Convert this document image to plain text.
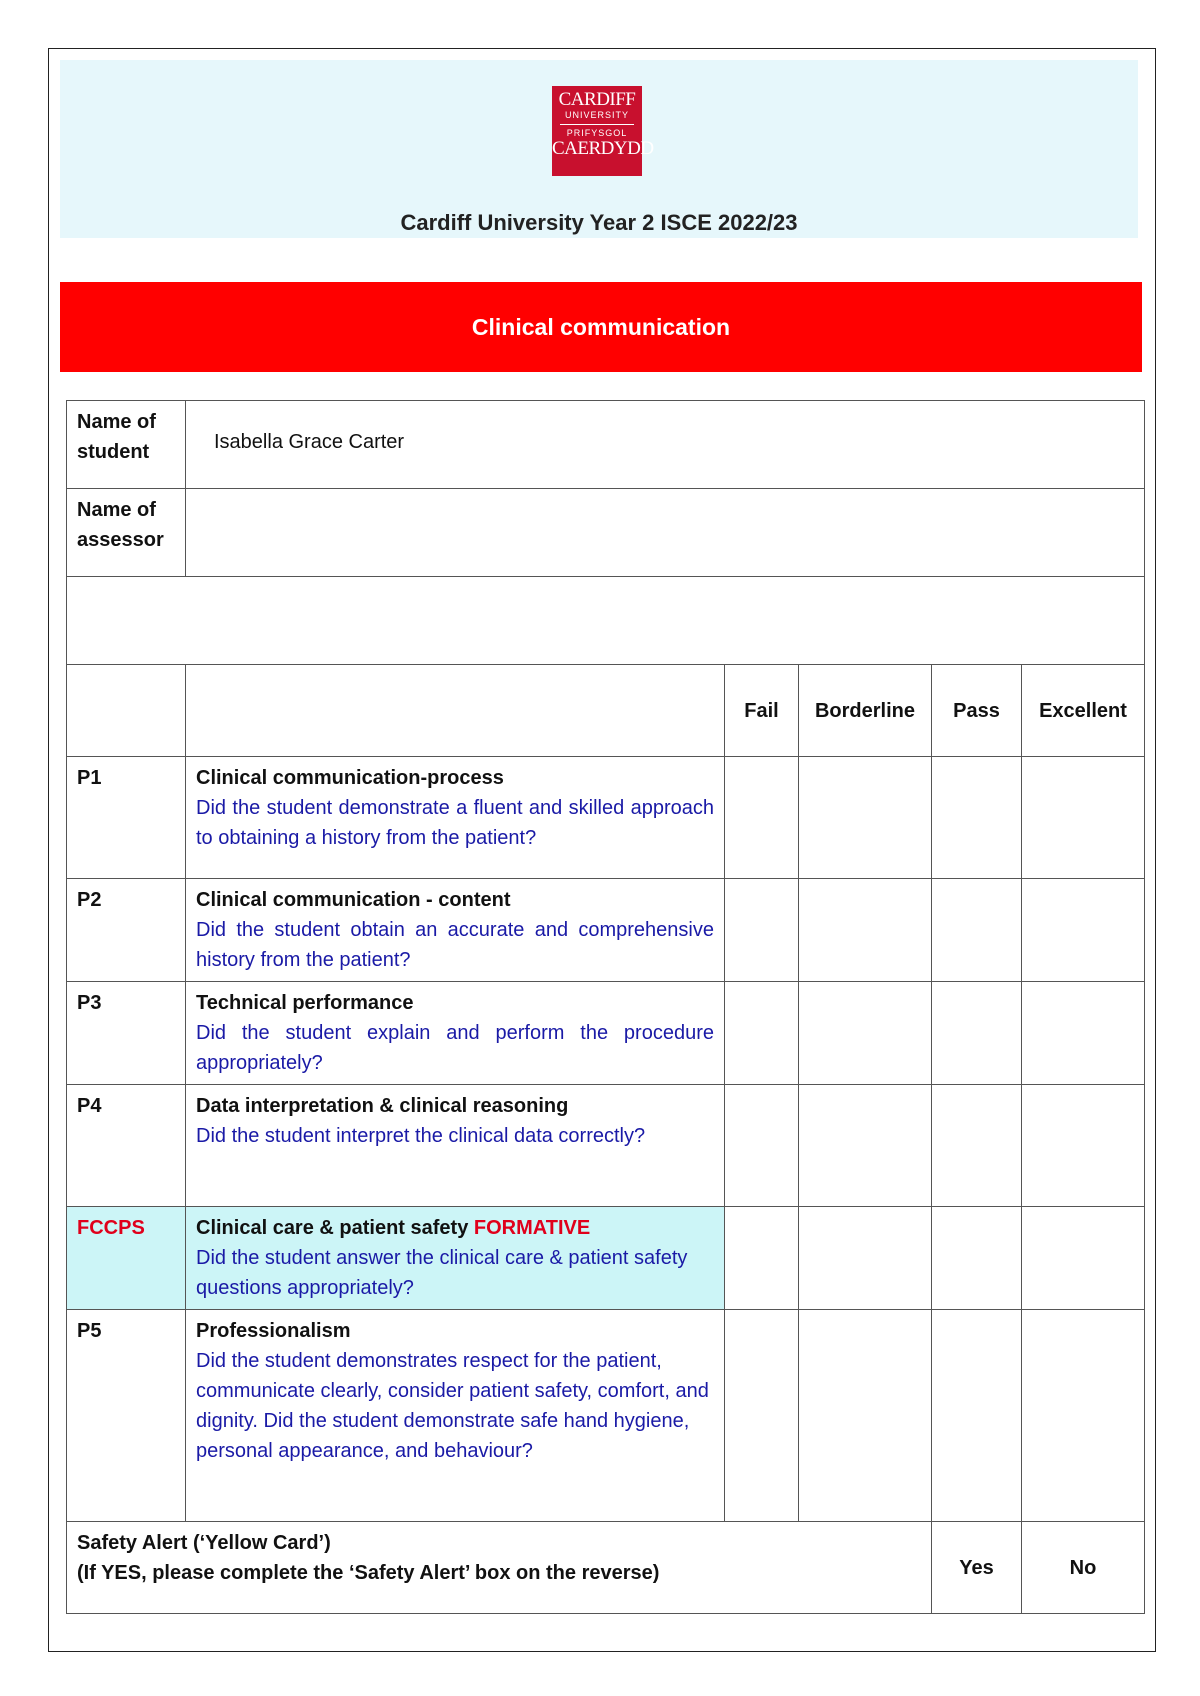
CARDIFF
UNIVERSITY
PRIFYSGOL
CAERDYDD
Cardiff University Year 2 ISCE 2022/23
Clinical communication
Name of student	Isabella Grace Carter				
Name of assessor					

		Fail	Borderline	Pass	Excellent
P1	Clinical communication-process
Did the student demonstrate a fluent and skilled approach to obtaining a history from the patient?				

P2	Clinical communication - content
Did the student obtain an accurate and comprehensive history from the patient?				

P3	Technical performance
Did the student explain and perform the procedure appropriately?				

P4	Data interpretation & clinical reasoning
Did the student interpret the clinical data correctly?				

FCCPS	Clinical care & patient safety FORMATIVE
Did the student answer the clinical care & patient safety questions appropriately?				

P5	Professionalism
Did the student demonstrates respect for the patient, communicate clearly, consider patient safety, comfort, and dignity. Did the student demonstrate safe hand hygiene, personal appearance, and behaviour?				

Safety Alert (‘Yellow Card’)
(If YES, please complete the ‘Safety Alert’ box on the reverse)				Yes	No
